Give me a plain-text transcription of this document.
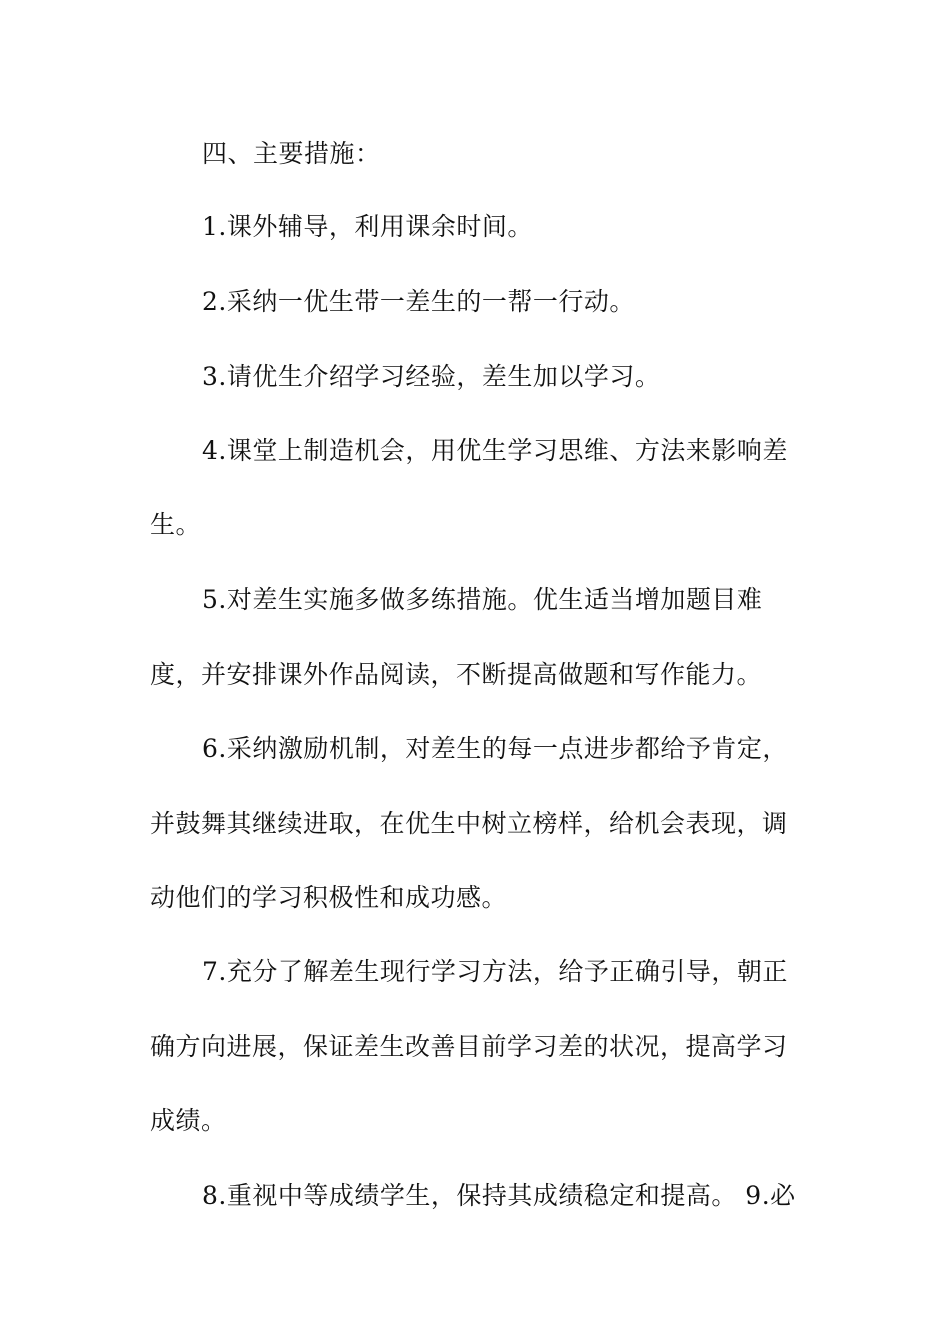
四、主要措施：
1.课外辅导，利用课余时间。
2.采纳一优生带一差生的一帮一行动。
3.请优生介绍学习经验，差生加以学习。
4.课堂上制造机会，用优生学习思维、方法来影响差
生。
5.对差生实施多做多练措施。优生适当增加题目难
度，并安排课外作品阅读，不断提高做题和写作能力。
6.采纳激励机制，对差生的每一点进步都给予肯定，
并鼓舞其继续进取，在优生中树立榜样，给机会表现，调
动他们的学习积极性和成功感。
7.充分了解差生现行学习方法，给予正确引导，朝正
确方向进展，保证差生改善目前学习差的状况，提高学习
成绩。
8.重视中等成绩学生，保持其成绩稳定和提高。 9.必
